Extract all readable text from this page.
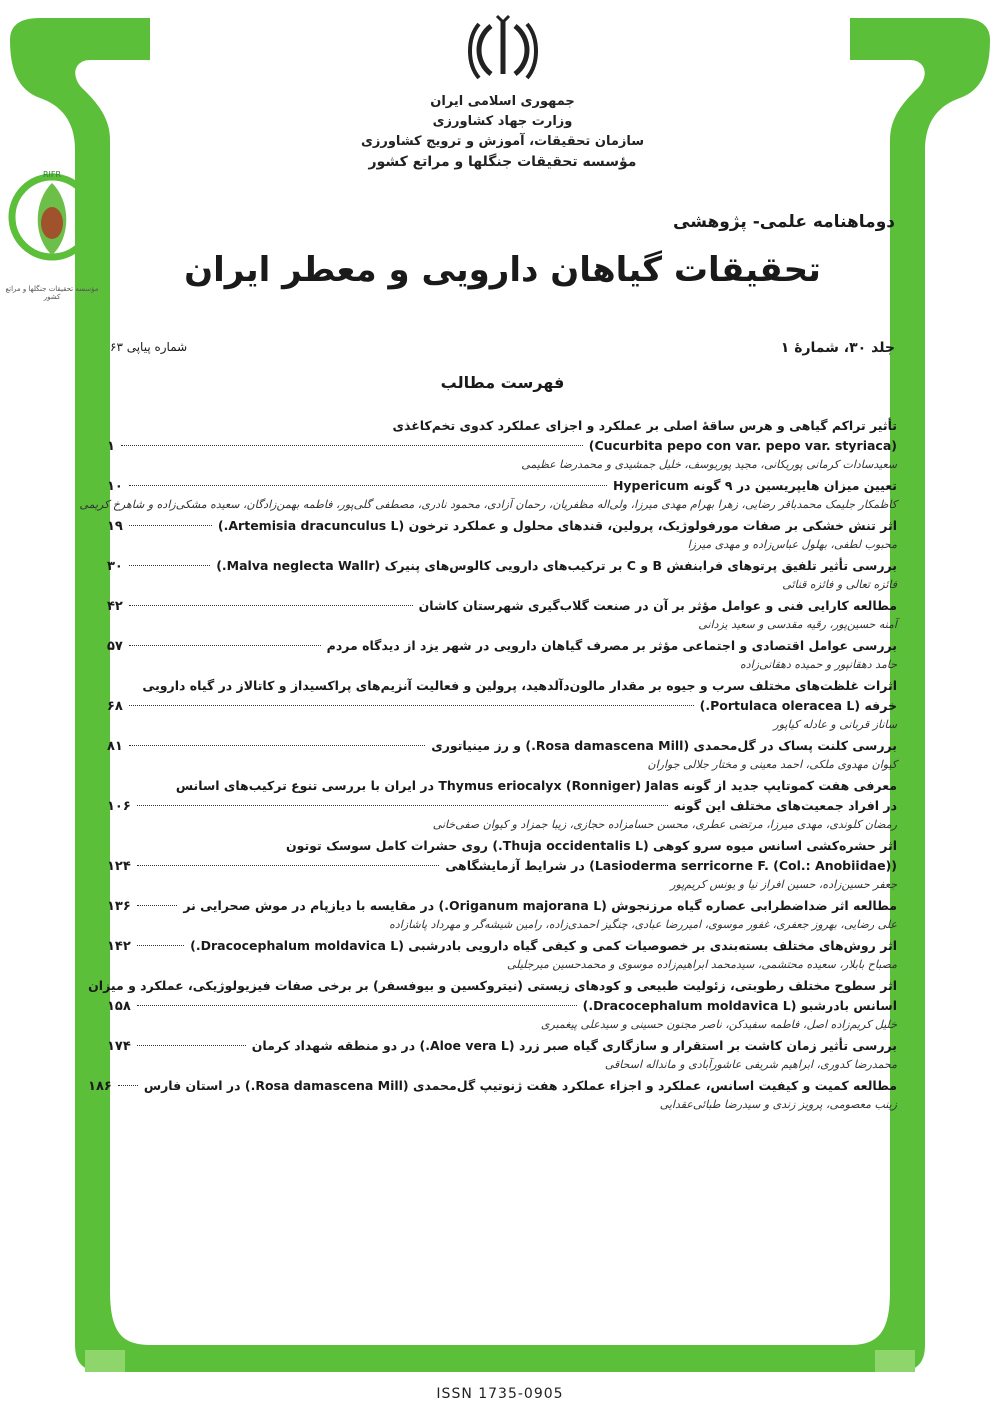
RIFR
مؤسسه تحقیقات جنگلها و مراتع کشور
جمهوری اسلامی ایران
وزارت جهاد کشاورزی
سازمان تحقیقات، آموزش و ترویج کشاورزی
مؤسسه تحقیقات جنگلها و مراتع کشور
دوماهنامه علمی- پژوهشی
تحقیقات گیاهان دارویی و معطر ایران
جلد ۳۰، شمارهٔ ۱
شماره پیاپی ۶۳
فهرست مطالب
تأثیر تراکم گیاهی و هرس ساقهٔ اصلی بر عملکرد و اجزای عملکرد کدوی تخم‌کاغذی
(Cucurbita pepo con var. pepo var. styriaca)
۱
سعیدسادات کرمانی پوریکانی، مجید پوریوسف، خلیل جمشیدی و محمدرضا عظیمی
تعیین میزان هایپریسین در ۹ گونه Hypericum
۱۰
کاظمکار جلیمک محمدباقر رضایی، زهرا بهرام مهدی میرزا، ولی‌اله مظفریان، رحمان آزادی، محمود نادری، مصطفی گلی‌پور، فاطمه بهمن‌زادگان، سعیده مشکی‌زاده و شاهرخ کریمی
اثر تنش خشکی بر صفات مورفولوژیک، پرولین، قندهای محلول و عملکرد ترخون (Artemisia dracunculus L.)
۱۹
محبوب لطفی، بهلول عباس‌زاده و مهدی میرزا
بررسی تأثیر تلفیق پرتوهای فرابنفش B و C بر ترکیب‌های دارویی کالوس‌های پنیرک (Malva neglecta Wallr.)
۳۰
فائزه تعالی و فائزه قنائی
مطالعه کارایی فنی و عوامل مؤثر بر آن در صنعت گلاب‌گیری شهرستان کاشان
۴۲
آمنه حسین‌پور، رقیه مقدسی و سعید یزدانی
بررسی عوامل اقتصادی و اجتماعی مؤثر بر مصرف گیاهان دارویی در شهر یزد از دیدگاه مردم
۵۷
حامد دهقانپور و حمیده دهقانی‌زاده
اثرات غلظت‌های مختلف سرب و جیوه بر مقدار مالون‌دآلدهید، پرولین و فعالیت آنزیم‌های پراکسیداز و کاتالاز در گیاه دارویی
خرفه (Portulaca oleracea L.)
۶۸
ساناز قربانی و عادله کیاپور
بررسی کلنت پساک در گل‌محمدی (Rosa damascena Mill.) و رز مینیاتوری
۸۱
کیوان مهدوی ملکی، احمد معینی و مختار جلالی جواران
معرفی هفت کموتایپ جدید از گونه Thymus eriocalyx (Ronniger) Jalas در ایران با بررسی تنوع ترکیب‌های اسانس
در افراد جمعیت‌های مختلف این گونه
۱۰۶
رمضان کلوندی، مهدی میرزا، مرتضی عطری، محسن حسامزاده حجازی، زیبا جمزاد و کیوان صفی‌خانی
اثر حشره‌کشی اسانس میوه سرو کوهی (Thuja occidentalis L.) روی حشرات کامل سوسک توتون
(Lasioderma serricorne F. (Col.: Anobiidae)) در شرایط آزمایشگاهی
۱۲۴
جعفر حسین‌زاده، حسین افراز نیا و یونس کریم‌پور
مطالعه اثر ضداضطرابی عصاره گیاه مرزنجوش (Origanum majorana L.) در مقایسه با دیازپام در موش صحرایی نر
۱۳۶
علی رضایی، بهروز جعفری، غفور موسوی، امیررضا عبادی، چنگیز احمدی‌زاده، رامین شیشه‌گر و مهرداد پاشازاده
اثر روش‌های مختلف بسته‌بندی بر خصوصیات کمی و کیفی گیاه دارویی بادرشبی (Dracocephalum moldavica L.)
۱۴۲
مصباح بابلار، سعیده محتشمی، سیدمحمد ابراهیم‌زاده موسوی و محمدحسین میرجلیلی
اثر سطوح مختلف رطوبتی، زئولیت طبیعی و کودهای زیستی (نیتروکسین و بیوفسفر) بر برخی صفات فیزیولوژیکی، عملکرد و میزان
اسانس بادرشبو (Dracocephalum moldavica L.)
۱۵۸
خلیل کریم‌زاده اصل، فاطمه سفیدکن، ناصر مجنون حسینی و سیدعلی پیغمبری
بررسی تأثیر زمان کاشت بر استقرار و سازگاری گیاه صبر زرد (Aloe vera L.) در دو منطقه شهداد کرمان
۱۷۴
محمدرضا کدوری، ابراهیم شریفی عاشورآبادی و مانداله اسحاقی
مطالعه کمیت و کیفیت اسانس، عملکرد و اجزاء عملکرد هفت ژنوتیپ گل‌محمدی (Rosa damascena Mill.) در استان فارس
۱۸۶
زینب معصومی، پرویز زندی و سیدرضا طبائی‌عقدایی
ISSN 1735-0905
